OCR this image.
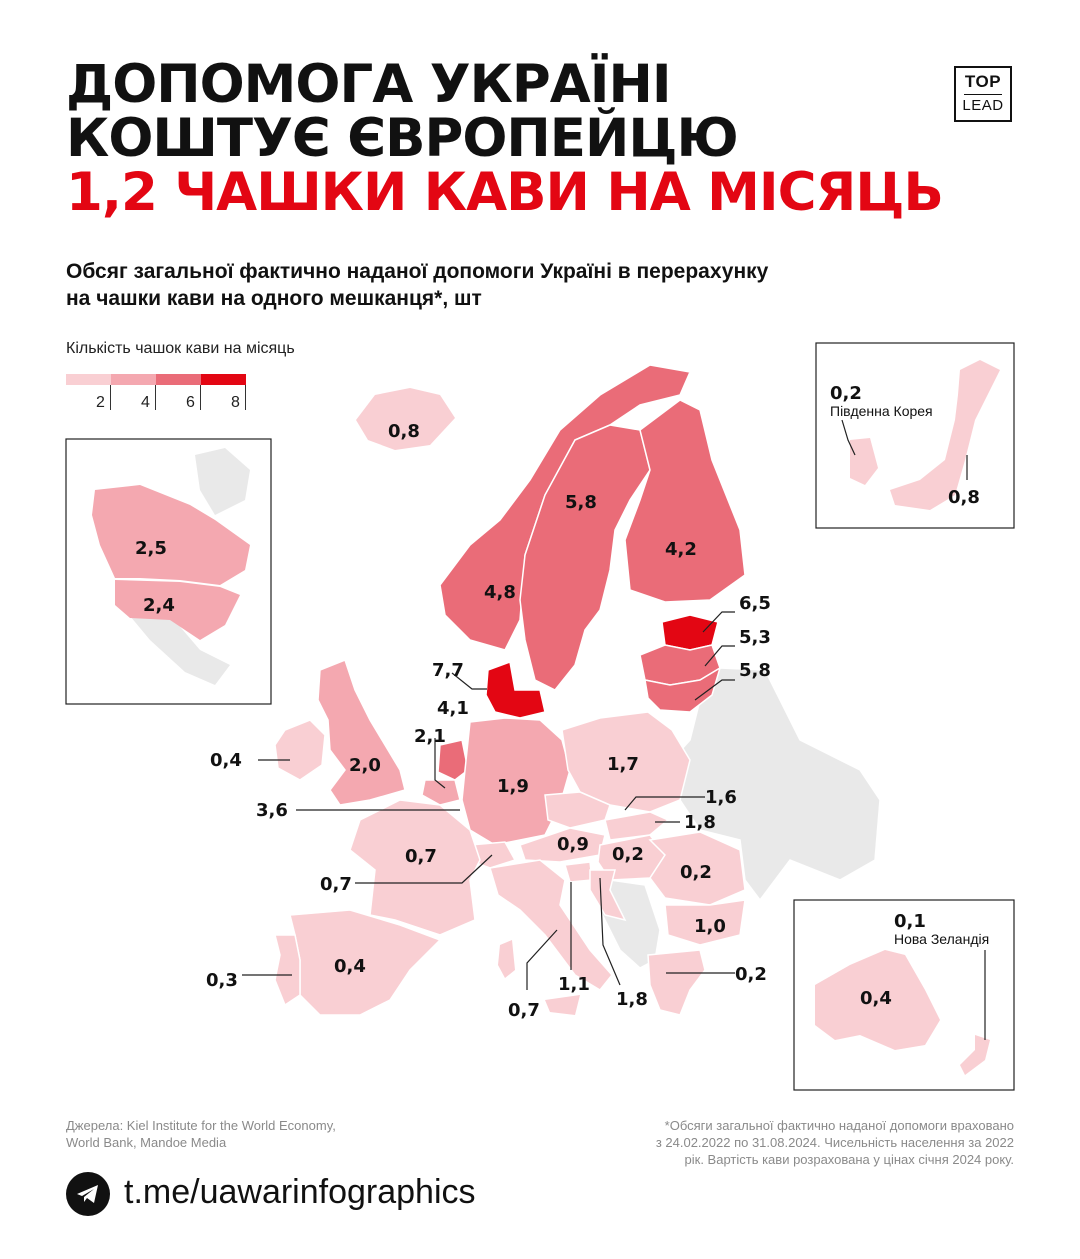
ДОПОМОГА УКРАЇНІ
КОШТУЄ ЄВРОПЕЙЦЮ
1,2 ЧАШКИ КАВИ НА МІСЯЦЬ
TOP
LEAD

Обсяг загальної фактично наданої допомоги Україні в перерахунку
на чашки кави на одного мешканця*, шт

Кількість чашок кави на місяць
2 4 6 8
0,8
4,8
5,8
4,2
6,5
5,3
5,8
7,7
4,1
2,1
0,4	2,0
3,6
1,9
1,7
1,6
1,8
0,7
0,7
0,9 0,2
0,2
1,0
0,2
0,4
0,3
0,7
1,1
1,8
2,5
2,4
0,2
0,8
0,4
0,1
Південна Корея
Нова Зеландія
Джерела: Kiel Institute for the World Economy,
World Bank, Mandoe Media
*Обсяги загальної фактично наданої допомоги враховано
з 24.02.2022 по 31.08.2024. Чисельність населення за 2022
рік. Вартість кави розрахована у цінах січня 2024 року.
t.me/uawarinfographics
